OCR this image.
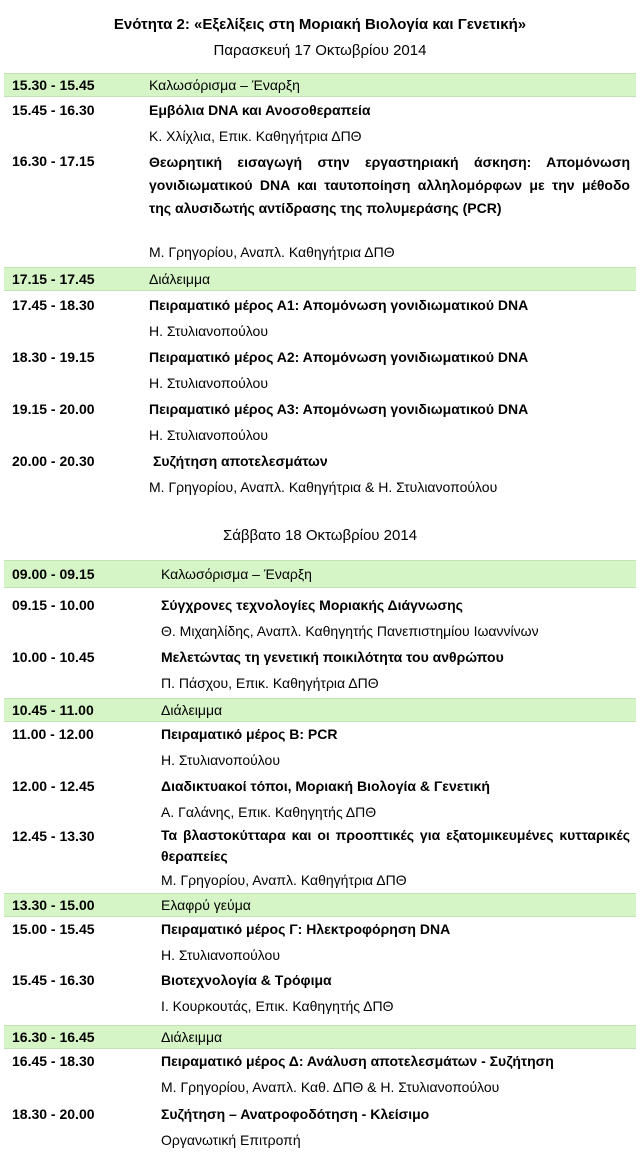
Ενότητα 2: «Εξελίξεις στη Μοριακή Βιολογία και Γενετική»
Παρασκευή 17 Οκτωβρίου 2014
15.30 - 15.45	Καλωσόρισμα – Έναρξη
15.45 - 16.30	Εμβόλια DNA και Ανοσοθεραπεία
Κ. Χλίχλια, Επικ. Καθηγήτρια ΔΠΘ
16.30 - 17.15	Θεωρητική εισαγωγή στην εργαστηριακή άσκηση: Απομόνωση γονιδιωματικού DNA και ταυτοποίηση αλληλομόρφων με την μέθοδο της αλυσιδωτής αντίδρασης της πολυμεράσης (PCR)
Μ. Γρηγορίου, Αναπλ. Καθηγήτρια ΔΠΘ
17.15 - 17.45	Διάλειμμα
17.45 - 18.30	Πειραματικό μέρος Α1: Απομόνωση γονιδιωματικού DNA
Η. Στυλιανοπούλου
18.30 - 19.15	Πειραματικό μέρος Α2: Απομόνωση γονιδιωματικού DNA
Η. Στυλιανοπούλου
19.15 - 20.00	Πειραματικό μέρος Α3: Απομόνωση γονιδιωματικού DNA
Η. Στυλιανοπούλου
20.00 - 20.30	Συζήτηση αποτελεσμάτων
Μ. Γρηγορίου, Αναπλ. Καθηγήτρια & Η. Στυλιανοπούλου
Σάββατο 18 Οκτωβρίου 2014
09.00 - 09.15	Καλωσόρισμα – Έναρξη
09.15 - 10.00	Σύγχρονες τεχνολογίες Μοριακής Διάγνωσης
Θ. Μιχαηλίδης, Αναπλ. Καθηγητής Πανεπιστημίου Ιωαννίνων
10.00 - 10.45	Μελετώντας τη γενετική ποικιλότητα του ανθρώπου
Π. Πάσχου, Επικ. Καθηγήτρια ΔΠΘ
10.45 - 11.00	Διάλειμμα
11.00 - 12.00	Πειραματικό μέρος Β: PCR
Η. Στυλιανοπούλου
12.00 - 12.45	Διαδικτυακοί τόποι, Μοριακή Βιολογία & Γενετική
Α. Γαλάνης, Επικ. Καθηγητής ΔΠΘ
12.45 - 13.30	Τα βλαστοκύτταρα και οι προοπτικές για εξατομικευμένες κυτταρικές θεραπείες
Μ. Γρηγορίου, Αναπλ. Καθηγήτρια ΔΠΘ
13.30 - 15.00	Ελαφρύ γεύμα
15.00 - 15.45	Πειραματικό μέρος Γ: Ηλεκτροφόρηση DNA
Η. Στυλιανοπούλου
15.45 - 16.30	Βιοτεχνολογία & Τρόφιμα
Ι. Κουρκουτάς, Επικ. Καθηγητής ΔΠΘ
16.30 - 16.45	Διάλειμμα
16.45 - 18.30	Πειραματικό μέρος Δ: Ανάλυση αποτελεσμάτων - Συζήτηση
Μ. Γρηγορίου, Αναπλ. Καθ. ΔΠΘ & Η. Στυλιανοπούλου
18.30 - 20.00	Συζήτηση – Ανατροφοδότηση - Κλείσιμο
Οργανωτική Επιτροπή
